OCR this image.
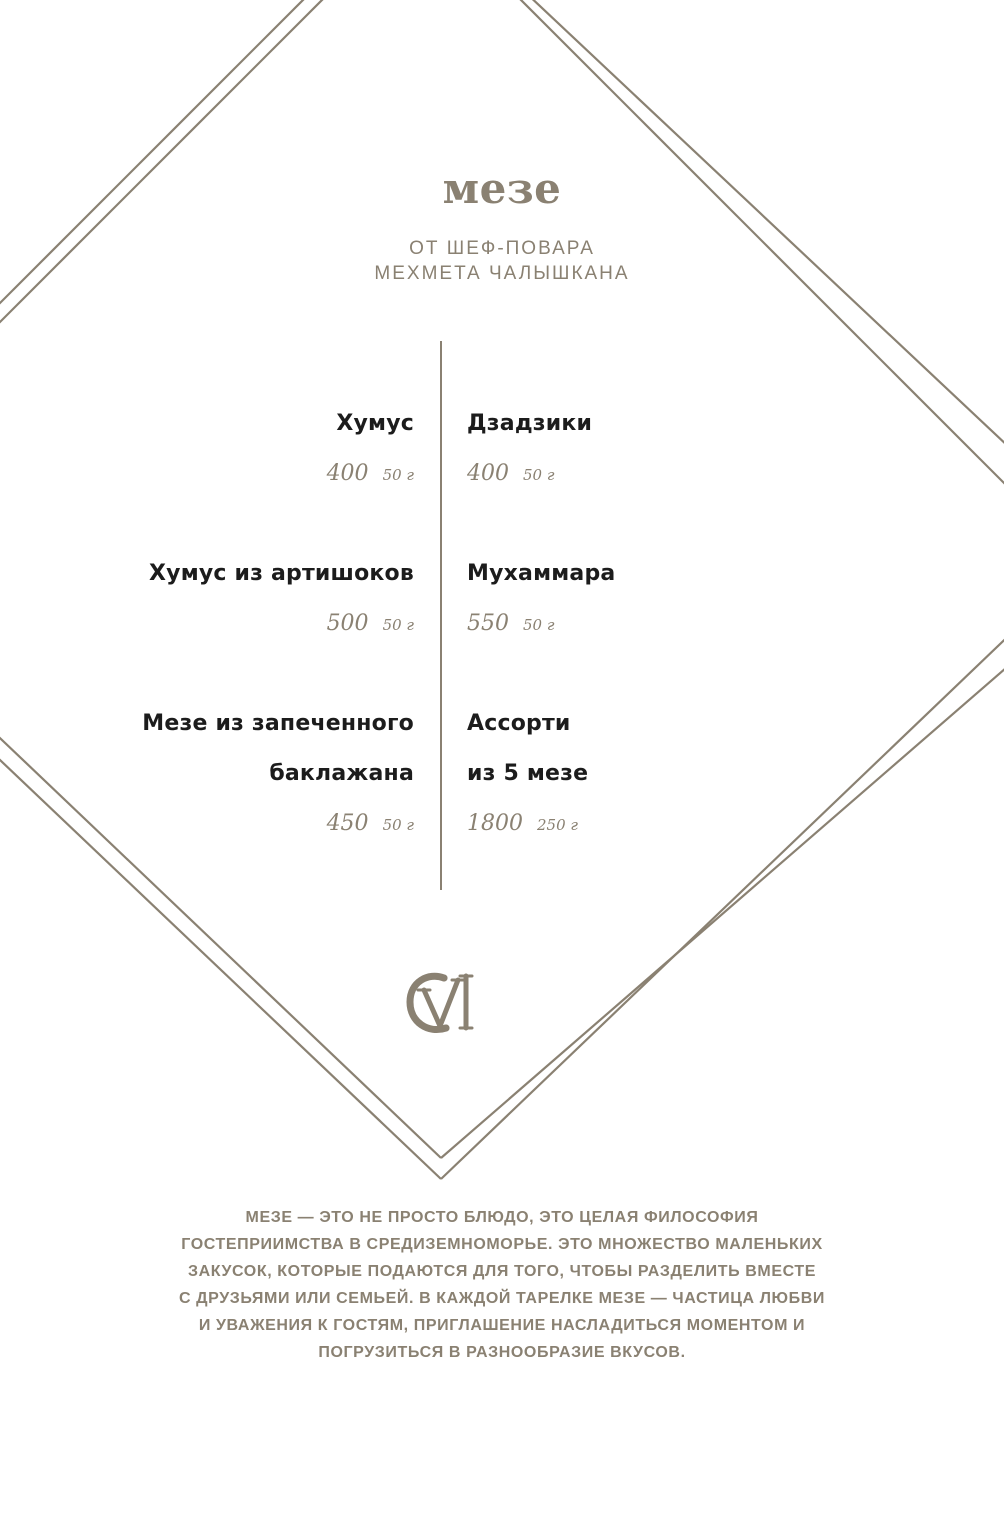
мезе
ОТ ШЕФ-ПОВАРА
МЕХМЕТА ЧАЛЫШКАНА
Хумус
400 50 г
Хумус из артишоков
500 50 г
Мезе из запеченного
баклажана
450 50 г
Дзадзики
400 50 г
Мухаммара
550 50 г
Ассорти
из 5 мезе
1800 250 г
МЕЗЕ — ЭТО НЕ ПРОСТО БЛЮДО, ЭТО ЦЕЛАЯ ФИЛОСОФИЯ
ГОСТЕПРИИМСТВА В СРЕДИЗЕМНОМОРЬЕ. ЭТО МНОЖЕСТВО МАЛЕНЬКИХ
ЗАКУСОК, КОТОРЫЕ ПОДАЮТСЯ ДЛЯ ТОГО, ЧТОБЫ РАЗДЕЛИТЬ ВМЕСТЕ
С ДРУЗЬЯМИ ИЛИ СЕМЬЕЙ. В КАЖДОЙ ТАРЕЛКЕ МЕЗЕ — ЧАСТИЦА ЛЮБВИ
И УВАЖЕНИЯ К ГОСТЯМ, ПРИГЛАШЕНИЕ НАСЛАДИТЬСЯ МОМЕНТОМ И
ПОГРУЗИТЬСЯ В РАЗНООБРАЗИЕ ВКУСОВ.
